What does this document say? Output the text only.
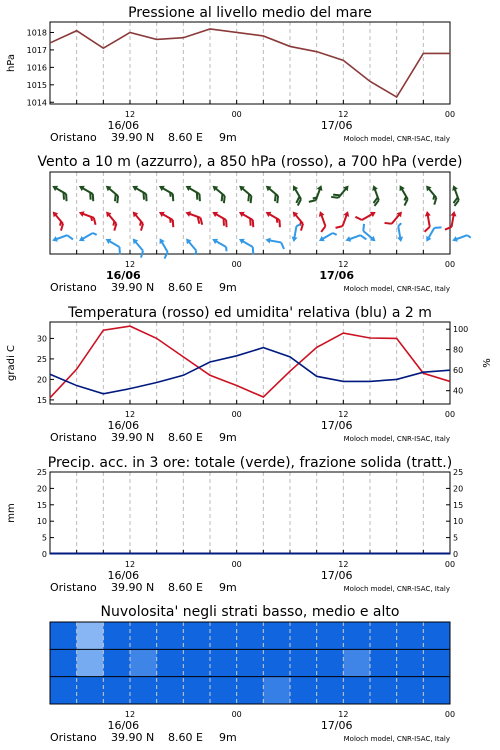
1014
1015
1016
1017
1018
hPa
Pressione al livello medio del mare
12	00	12	00
16/06	17/06
Oristano 39.90 N 8.60 E 9m	Moloch model, CNR-ISAC, Italy
Vento a 10 m (azzurro), a 850 hPa (rosso), a 700 hPa (verde)
12	00	12	00
16/06	17/06
Oristano 39.90 N 8.60 E 9m	Moloch model, CNR-ISAC, Italy
15
20
25
30
40
60
80
100
gradi C	%
Temperatura (rosso) ed umidita' relativa (blu) a 2 m
12	00	12	00
16/06	17/06
Oristano 39.90 N 8.60 E 9m	Moloch model, CNR-ISAC, Italy
0
5
10
15
20
25
0
5
10
15
20
25
mm
Precip. acc. in 3 ore: totale (verde), frazione solida (tratt.)
12	00	12	00
16/06	17/06
Oristano 39.90 N 8.60 E 9m	Moloch model, CNR-ISAC, Italy
Nuvolosita' negli strati basso, medio e alto
12	00	12	00
16/06	17/06
Oristano 39.90 N 8.60 E 9m	Moloch model, CNR-ISAC, Italy
